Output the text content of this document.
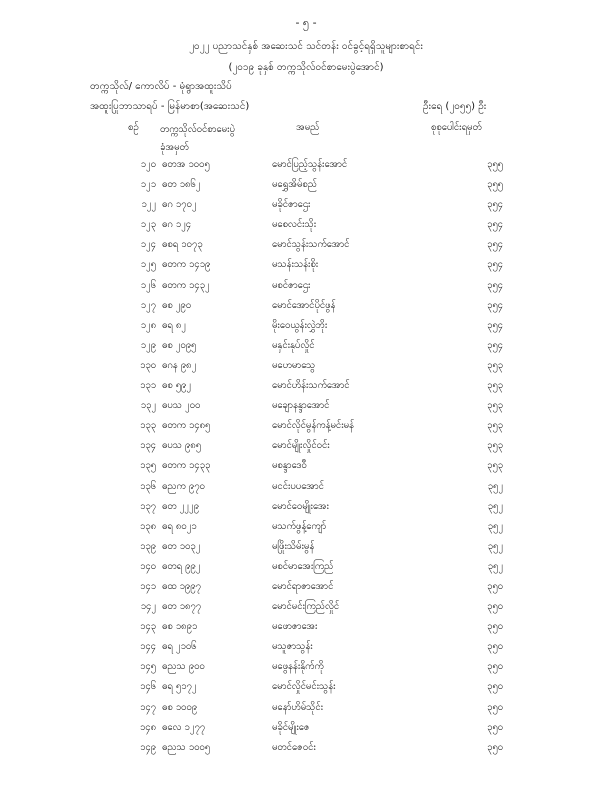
- ၅ -
၂၀၂၂ ပညာသင်နှစ် အဆေးသင် သင်တန်း ဝင်ခွင့်ရရှိသူများစာရင်း
(၂၀၁၉ ခုနှစ် တက္ကသိုလ်ဝင်စာမေးပွဲအောင်)
တက္ကသိုလ်/ ကောလိပ် - မုံရွာအထူးသိပ်
အထူးပြုဘာသာရပ် - မြန်မာစာ(အဆေးသင်)	ဦးရေ (၂၀၅၅) ဦး
စဉ် တက္ကသိုလ်ဝင်စာမေးပွဲ
ခုံအမှတ်
အမည်	စုစုပေါင်းရမှတ်
၁၂၀ ဓတအ ၁၀၀၅	မောင်ပြည့်သွန်းအောင်	၃၅၅
၁၂၁ ဓတ ၁၈၆၂	မရွှေအိမ်စည်	၃၅၅
၁၂၂ ဓဂ ၁၇၀၂	မခိုင်ဇာဌေး	၃၅၄
၁၂၃ ဓဂ ၁၂၄	မစေလင်းသိုး	၃၅၄
၁၂၄ ဓစရ ၁၀၇၃	မောင်သွန်းသက်အောင်	၃၅၄
၁၂၅ ဓတက ၁၄၁၉	မသန်းသန်းစိုး	၃၅၄
၁၂၆ ဓတက ၁၄၃၂	မစင်ဇာဌေး	၃၅၄
၁၂၇ ဓစ ၂၉၀	မောင်အောင်ပိုင်ဖွန်	၃၅၄
၁၂၈ ဓရ ၈၂	မိုးဝေယွန်းလွှဲဘိုး	၃၅၄
၁၂၉ ဓစ ၂၀၉၅	မနှင်းနုပ်လှိုင်	၃၅၄
၁၃၀ ဓဂန ၉၈၂	မဟေမာသွေ	၃၅၃
၁၃၁ ဓစ ၅၉၂	မောင်ဟိန်းသက်အောင်	၃၅၃
၁၃၂ ဓပသ ၂၀၀	မချောနန္ဒာအောင်	၃၅၃
၁၃၃ ဓတက ၁၄၈၅	မောင်လိုင်မွန်ကန့်မင်းမန်	၃၅၃
၁၃၄ ဓပသ ၉၈၅	မောင်မျိုးလှိုင်ဝင်း	၃၅၃
၁၃၅ ဓတက ၁၄၃၃	မစန္ဒာဒေဝီ	၃၅၃
၁၃၆ ဓညက ၉၇၀	မငင်းပပအောင်	၃၅၂
၁၃၇ ဓတ ၂၂၂၉	မောင်ဝေမျိုးအေး	၃၅၂
၁၃၈ ဓရ ၈၀၂၁	မသက်ဖွန့်ကျော်	၃၅၂
၁၃၉ ဓတ ၁၀၃၂	မဖြိုးသိမ်းမွန်	၃၅၂
၁၄၀ ဓတရ ၉၉၂	မစင်မာအေးကြည်	၃၅၂
၁၄၁ ဓထ ၁၉၉၇	မောင်ရာဇာအောင်	၃၅၀
၁၄၂ ဓတ ၁၈၇၇	မောင်မင်းကြည်လှိုင်	၃၅၀
၁၄၃ ဓစ ၁၈၉၁	မဖောဇာအေး	၃၅၀
၁၄၄ ဓရ ၂၁၀၆	မသူဇာသွန်း	၃၅၀
၁၄၅ ဓညသ ၉၀၀	မဖွေနန်းနိုက်ကို	၃၅၀
၁၄၆ ဓရ ၅၁၇၂	မောင်လှိုင်မင်းသွန်း	၃၅၀
၁၄၇ ဓစ ၁၀၀၉	မနော်ဟိမ်သိုင်း	၃၅၀
၁၄၈ ဓလေ ၁၂၇၇	မခိုင်မျိုးဇေ	၃၅၀
၁၄၉ ဓညသ ၁၀၀၅	မတင်ဇေဝင်း	၃၅၀
